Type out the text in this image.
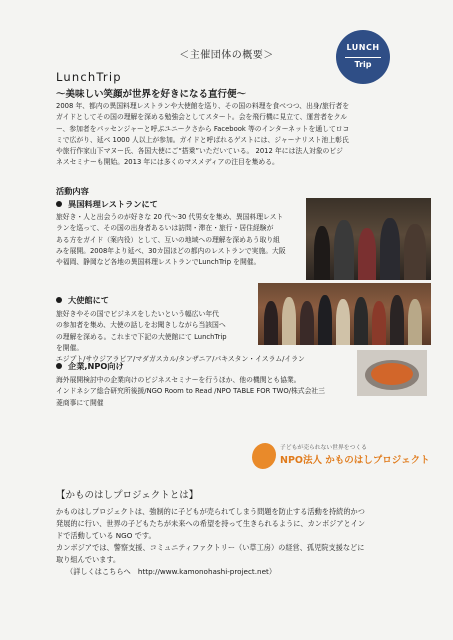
＜主催団体の概要＞
LUNCH
Trip
LunchTrip
〜美味しい笑顔が世界を好きになる直行便〜
2008 年、都内の異国料理レストランや大使館を巡り、その国の料理を食べつつ、出身/旅行者を
ガイドとしてその国の理解を深める勉強会としてスタート。会を飛行機に見立て、運営者をクル
ー、参加者をパッセンジャーと呼ぶユニークさから Facebook 等のインターネットを通してロコ
ミで広がり、延べ 1000 人以上が参加。ガイドと呼ばれるゲストには、ジャーナリスト池上彰氏
や旅行作家山下マヌー氏、各国大使にご“搭乗”いただいている。 2012 年には法人対象のビジ
ネスセミナーも開始。2013 年には多くのマスメディアの注目を集める。
活動内容
異国料理レストランにて
旅好き・人と出会うのが好きな 20 代〜30 代男女を集め、異国料理レスト
ランを巡って、その国の出身者あるいは訪問・滞在・旅行・居住経験が
ある方をガイド（案内役）として、互いの地域への理解を深めあう取り組
みを展開。2008年より延べ、30カ国ほどの都内のレストランで実施。大阪
や福岡、静岡など各地の異国料理レストランでLunchTrip を開催。
大使館にて
旅好きやその国でビジネスをしたいという幅広い年代
の参加者を集め、大使の話しをお聞きしながら当該国へ
の理解を深める。これまで下記の大使館にて LunchTrip
を開催。
エジプト/サウジアラビア/マダガスカル/タンザニア/パキスタン・イスラム/イラン
企業,NPO向け
海外展開検討中の企業向けのビジネスセミナーを行うほか、他の機関とも協業。
インドネシア総合研究所後援/NGO Room to Read /NPO TABLE FOR TWO/株式会社三
菱商事にて開催
子どもが売られない世界をつくる
NPO法人 かものはしプロジェクト
【かものはしプロジェクトとは】
かものはしプロジェクトは、強制的に子どもが売られてしまう問題を防止する活動を持続的かつ
発展的に行い、世界の子どもたちが未来への希望を持って生きられるように、カンボジアとイン
ドで活動している NGO です。
カンボジアでは、警察支援、コミュニティファクトリー（い草工房）の経営、孤児院支援などに
取り組んでいます。
（詳しくはこちらへ　http://www.kamonohashi-project.net）
